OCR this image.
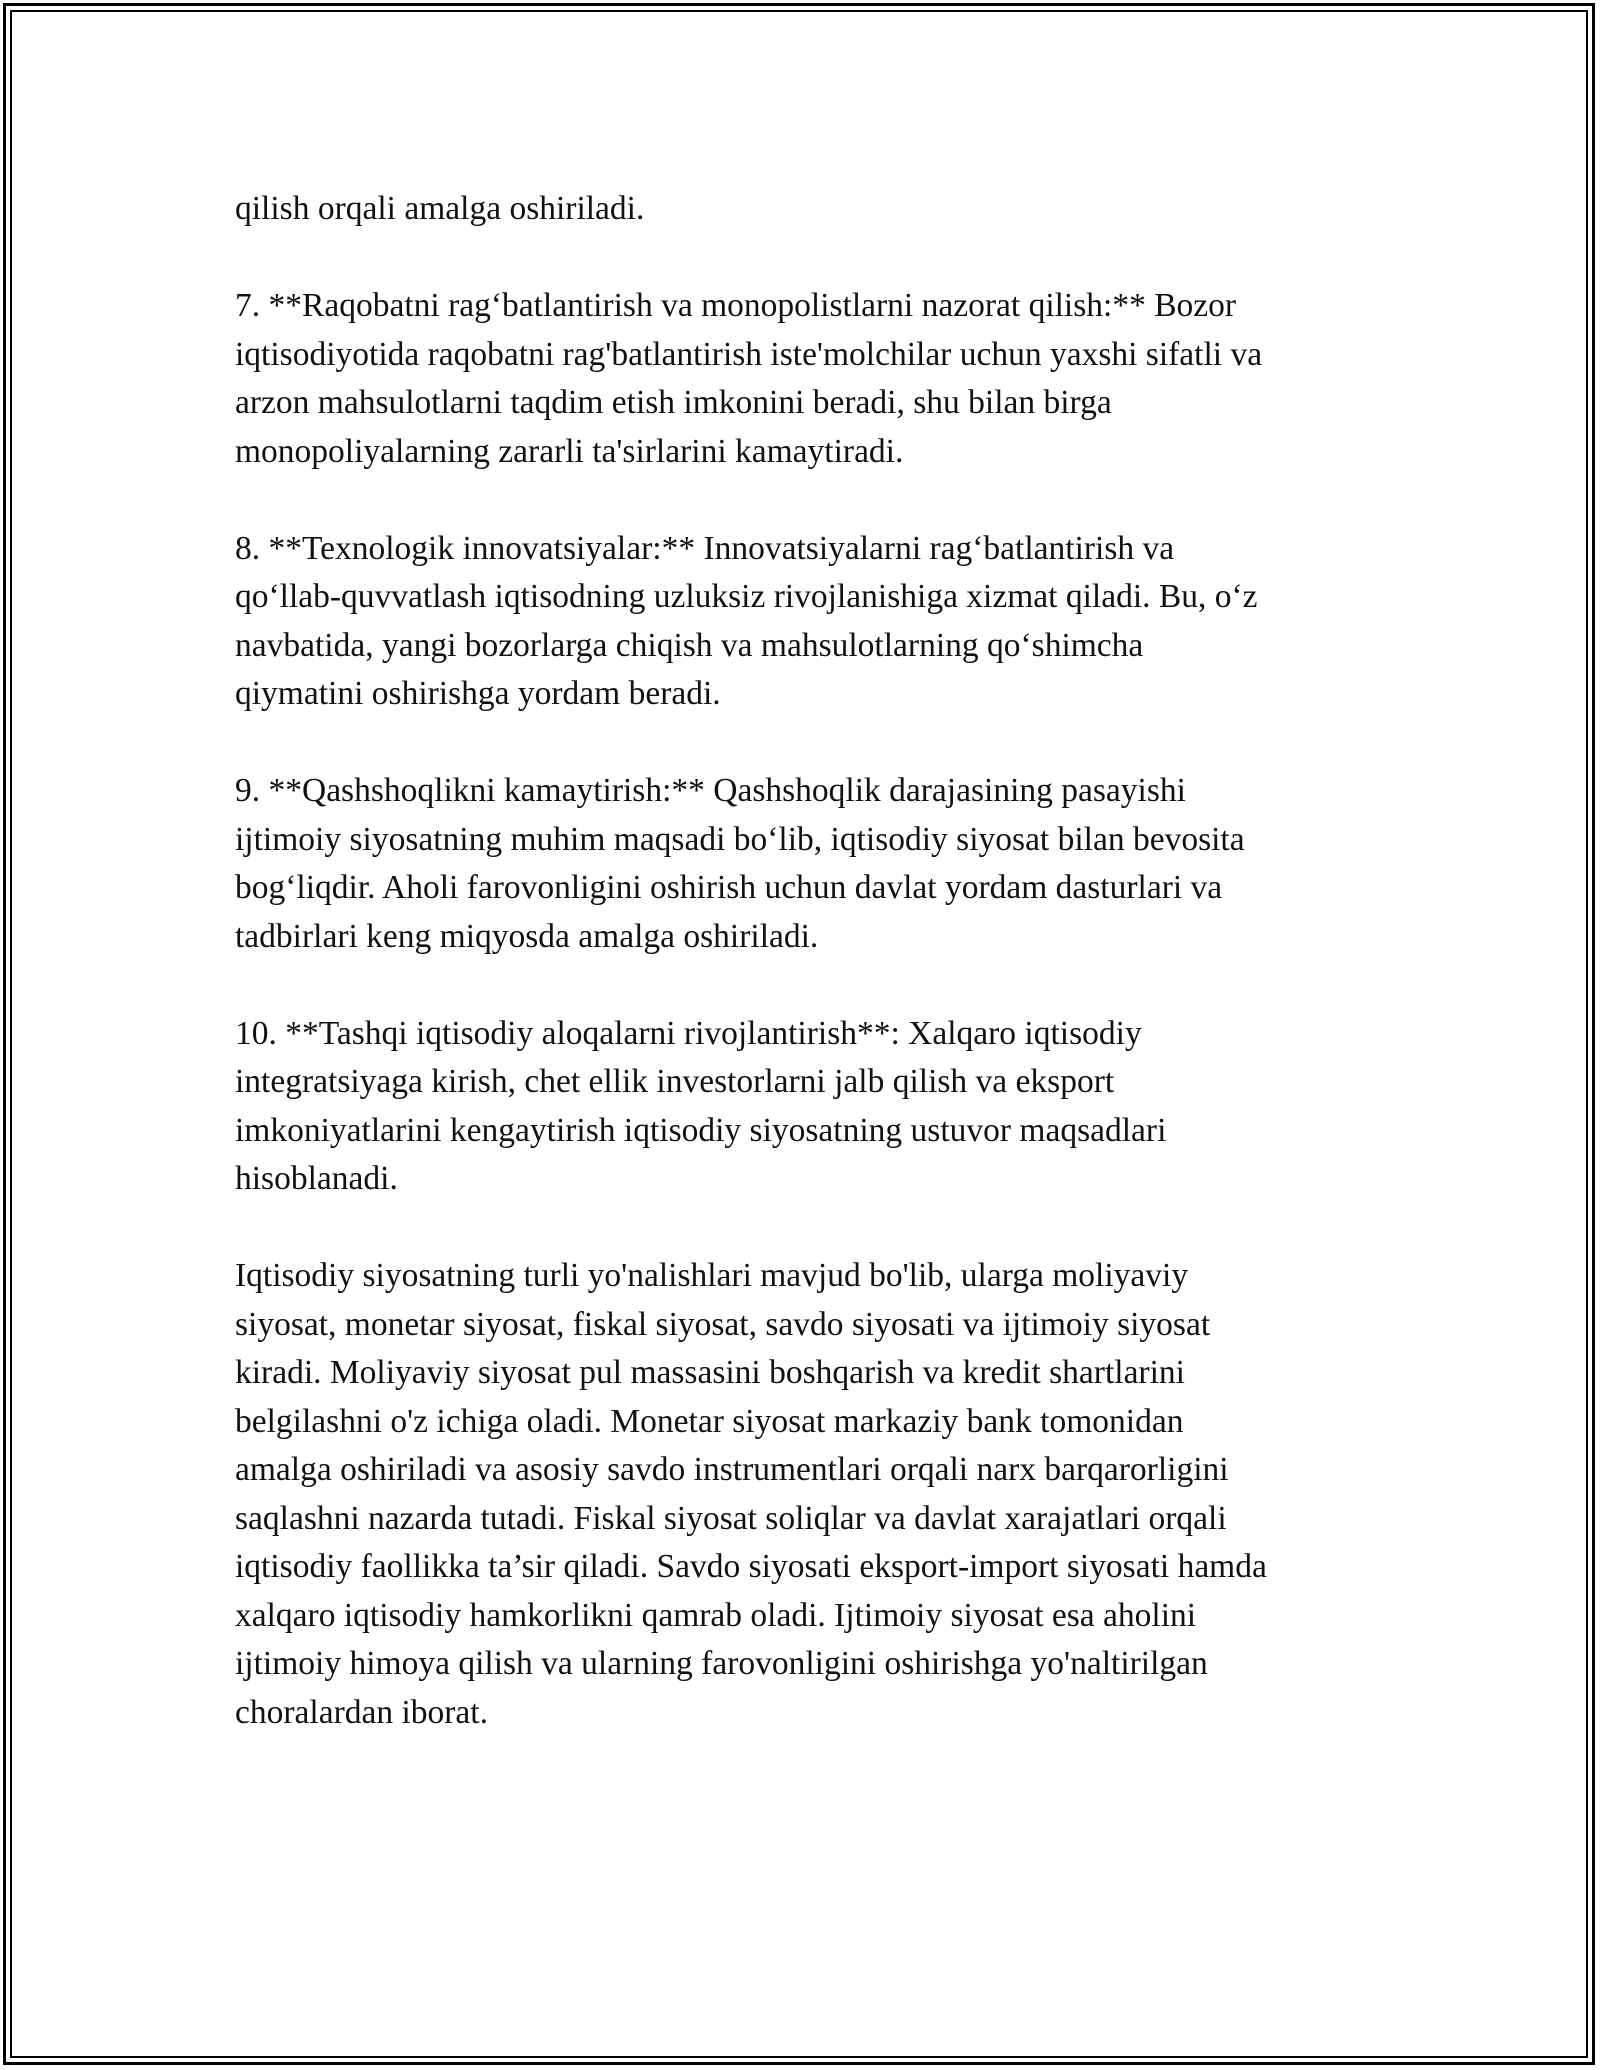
qilish orqali amalga oshiriladi.

7. **Raqobatni rag‘batlantirish va monopolistlarni nazorat qilish:** Bozor
iqtisodiyotida raqobatni rag'batlantirish iste'molchilar uchun yaxshi sifatli va
arzon mahsulotlarni taqdim etish imkonini beradi, shu bilan birga
monopoliyalarning zararli ta'sirlarini kamaytiradi.

8. **Texnologik innovatsiyalar:** Innovatsiyalarni rag‘batlantirish va
qo‘llab-quvvatlash iqtisodning uzluksiz rivojlanishiga xizmat qiladi. Bu, o‘z
navbatida, yangi bozorlarga chiqish va mahsulotlarning qo‘shimcha
qiymatini oshirishga yordam beradi.

9. **Qashshoqlikni kamaytirish:** Qashshoqlik darajasining pasayishi
ijtimoiy siyosatning muhim maqsadi bo‘lib, iqtisodiy siyosat bilan bevosita
bog‘liqdir. Aholi farovonligini oshirish uchun davlat yordam dasturlari va
tadbirlari keng miqyosda amalga oshiriladi.

10. **Tashqi iqtisodiy aloqalarni rivojlantirish**: Xalqaro iqtisodiy
integratsiyaga kirish, chet ellik investorlarni jalb qilish va eksport
imkoniyatlarini kengaytirish iqtisodiy siyosatning ustuvor maqsadlari
hisoblanadi.

Iqtisodiy siyosatning turli yo'nalishlari mavjud bo'lib, ularga moliyaviy
siyosat, monetar siyosat, fiskal siyosat, savdo siyosati va ijtimoiy siyosat
kiradi. Moliyaviy siyosat pul massasini boshqarish va kredit shartlarini
belgilashni o'z ichiga oladi. Monetar siyosat markaziy bank tomonidan
amalga oshiriladi va asosiy savdo instrumentlari orqali narx barqarorligini
saqlashni nazarda tutadi. Fiskal siyosat soliqlar va davlat xarajatlari orqali
iqtisodiy faollikka ta’sir qiladi. Savdo siyosati eksport-import siyosati hamda
xalqaro iqtisodiy hamkorlikni qamrab oladi. Ijtimoiy siyosat esa aholini
ijtimoiy himoya qilish va ularning farovonligini oshirishga yo'naltirilgan
choralardan iborat.
